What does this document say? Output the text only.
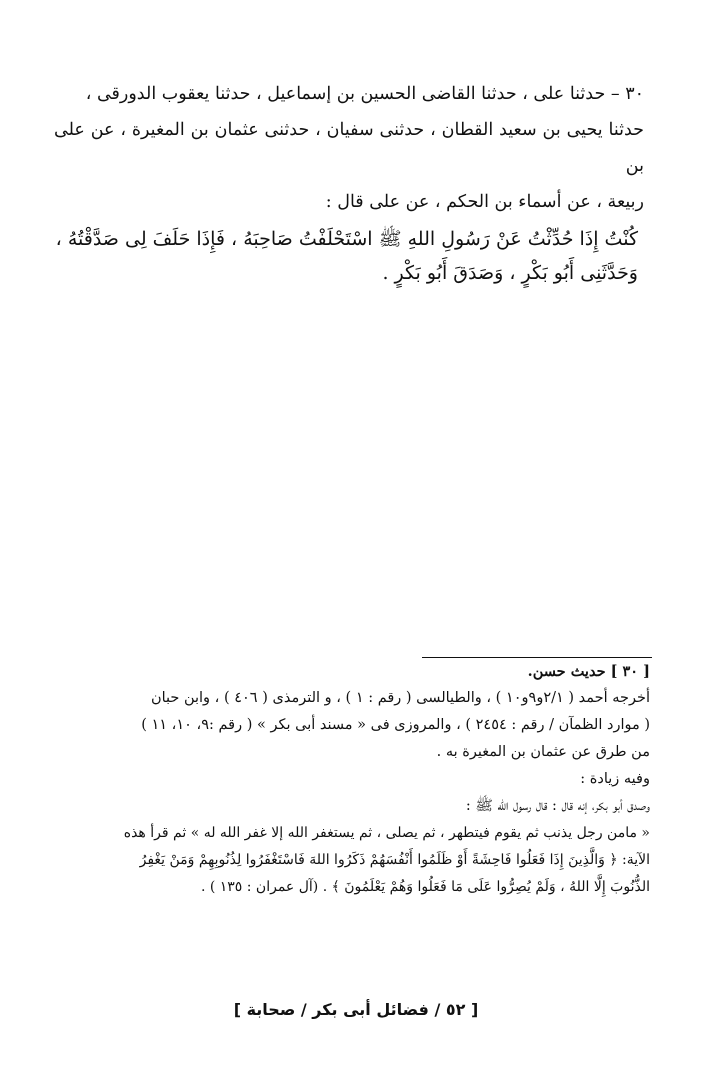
٣٠ – حدثنا على ، حدثنا القاضى الحسين بن إسماعيل ، حدثنا يعقوب الدورقى ،

حدثنا يحيى بن سعيد القطان ، حدثنى سفيان ، حدثنى عثمان بن المغيرة ، عن على بن

ربيعة ، عن أسماء بن الحكم ، عن على قال :

كُنْتُ إِذَا حُدِّثْتُ عَنْ رَسُولِ اللهِ ﷺ اسْتَحْلَفْتُ صَاحِبَهُ ، فَإِذَا حَلَفَ لِى صَدَّقْتُهُ ،

وَحَدَّثَنِى أَبُو بَكْرٍ ، وَصَدَقَ أَبُو بَكْرٍ .

[ ٣٠ ] حديث حسن.

أخرجه أحمد ( ٢/١و٩و١٠ ) ، والطيالسى ( رقم : ١ ) ، و الترمذى ( ٤٠٦ ) ، وابن حبان

( موارد الظمآن / رقم : ٢٤٥٤ ) ، والمروزى فى « مسند أبى بكر » ( رقم :٩، ١٠، ١١ )

من طرق عن عثمان بن المغيرة به .

وفيه زيادة :

وصدق أبو بكر، إنه قال : قال رسول الله ﷺ :

« مامن رجل يذنب ثم يقوم فيتطهر ، ثم يصلى ، ثم يستغفر الله إلا غفر الله له » ثم قرأ هذه

الآية: ﴿ وَالَّذِينَ إِذَا فَعَلُوا فَاحِشَةً أَوْ ظَلَمُوا أَنْفُسَهُمْ ذَكَرُوا اللهَ فَاسْتَغْفَرُوا لِذُنُوبِهِمْ وَمَنْ يَغْفِرُ

الذُّنُوبَ إِلَّا اللهُ ، وَلَمْ يُصِرُّوا عَلَى مَا فَعَلُوا وَهُمْ يَعْلَمُونَ ﴾ . (آل عمران : ١٣٥ ) .

[ ٥٢ / فضائل أبى بكر / صحابة ]
